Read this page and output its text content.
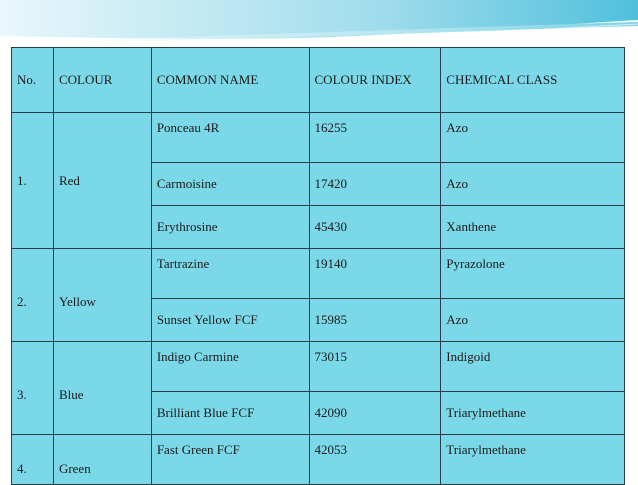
No.	COLOUR	COMMON NAME	COLOUR INDEX	CHEMICAL CLASS
1.	Red	Ponceau 4R	16255	Azo
		Carmoisine	17420	Azo
		Erythrosine	45430	Xanthene
2.	Yellow	Tartrazine	19140	Pyrazolone
		Sunset Yellow FCF	15985	Azo
3.	Blue	Indigo Carmine	73015	Indigoid
		Brilliant Blue FCF	42090	Triarylmethane
4.	Green	Fast Green FCF	42053	Triarylmethane
